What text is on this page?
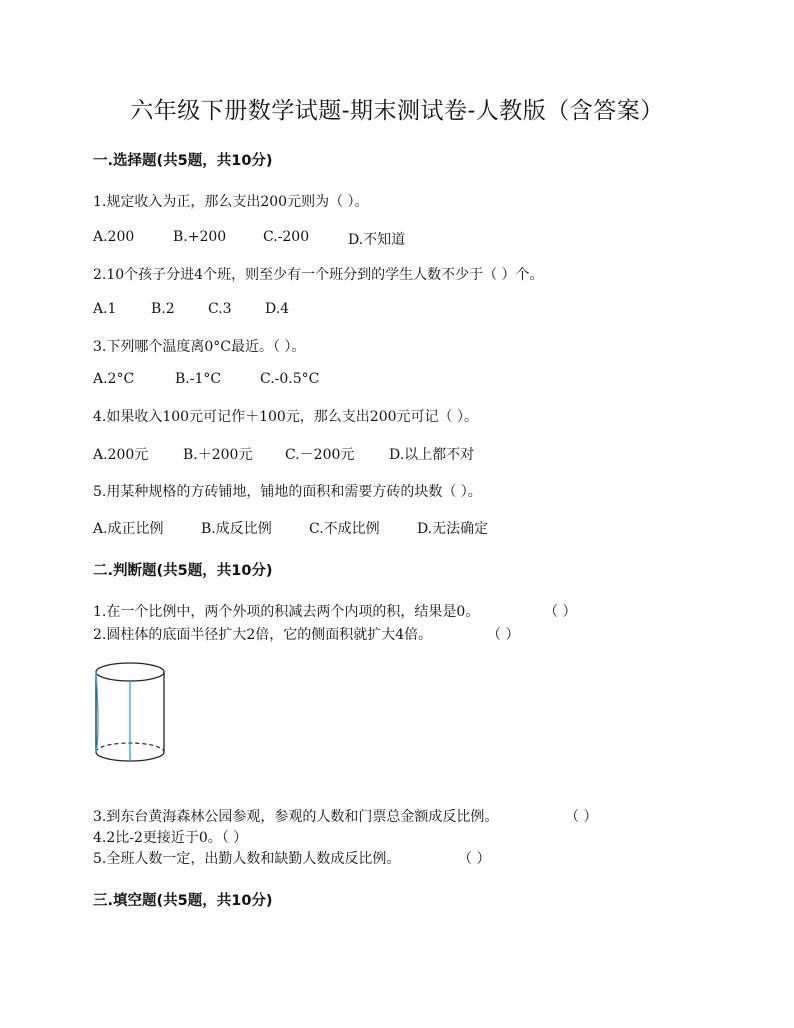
六年级下册数学试题-期末测试卷-人教版（含答案）
一.选择题(共5题，共10分)
1.规定收入为正，那么支出200元则为（ ）。
A.200	B.+200	C.-200	D.不知道
2.10个孩子分进4个班，则至少有一个班分到的学生人数不少于（ ）个。
A.1 B.2 C.3 D.4
3.下列哪个温度离0°C最近。（ ）。
A.2°C	B.-1°C	C.-0.5°C
4.如果收入100元可记作＋100元，那么支出200元可记（ ）。
A.200元 B.＋200元 C.－200元 D.以上都不对
5.用某种规格的方砖铺地，铺地的面积和需要方砖的块数（ ）。
A.成正比例	B.成反比例	C.不成比例	D.无法确定
二.判断题(共5题，共10分)
1.在一个比例中，两个外项的积减去两个内项的积，结果是0。	（ ）
2.圆柱体的底面半径扩大2倍，它的侧面积就扩大4倍。	（ ）
3.到东台黄海森林公园参观，参观的人数和门票总金额成反比例。	（ ）
4.2比-2更接近于0。（ ）
5.全班人数一定，出勤人数和缺勤人数成反比例。	（ ）
三.填空题(共5题，共10分)
